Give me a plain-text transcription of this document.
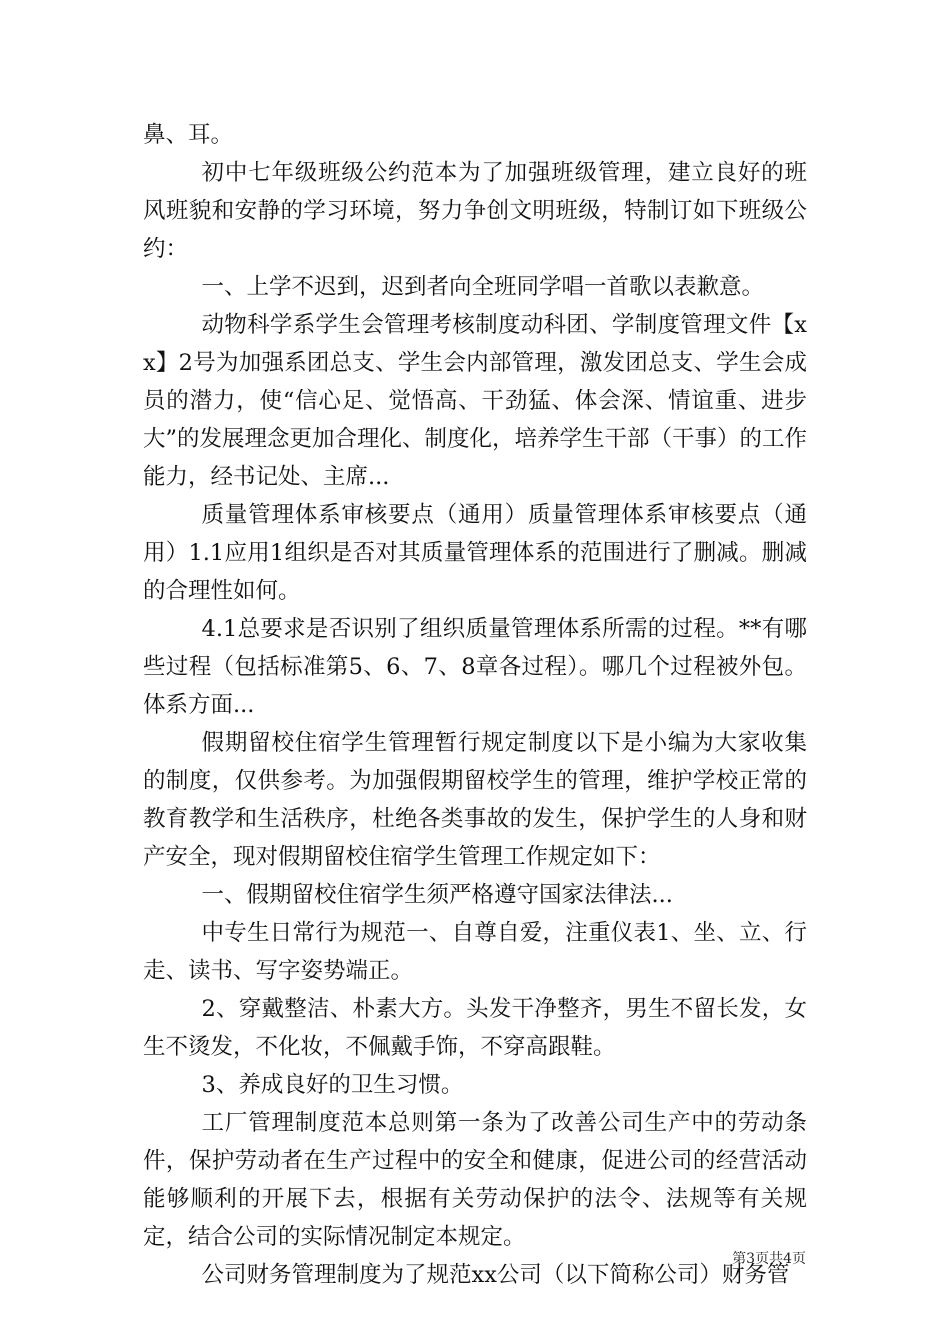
鼻、耳。

初中七年级班级公约范本为了加强班级管理，建立良好的班风班貌和安静的学习环境，努力争创文明班级，特制订如下班级公约：

一、上学不迟到，迟到者向全班同学唱一首歌以表歉意。

动物科学系学生会管理考核制度动科团、学制度管理文件【xx】2号为加强系团总支、学生会内部管理，激发团总支、学生会成员的潜力，使“信心足、觉悟高、干劲猛、体会深、情谊重、进步大”的发展理念更加合理化、制度化，培养学生干部（干事）的工作能力，经书记处、主席...

质量管理体系审核要点（通用）质量管理体系审核要点（通用）1.1应用1组织是否对其质量管理体系的范围进行了删减。删减的合理性如何。

4.1总要求是否识别了组织质量管理体系所需的过程。**有哪些过程（包括标准第5、6、7、8章各过程）。哪几个过程被外包。体系方面...

假期留校住宿学生管理暂行规定制度以下是小编为大家收集的制度，仅供参考。为加强假期留校学生的管理，维护学校正常的教育教学和生活秩序，杜绝各类事故的发生，保护学生的人身和财产安全，现对假期留校住宿学生管理工作规定如下：

一、假期留校住宿学生须严格遵守国家法律法...

中专生日常行为规范一、自尊自爱，注重仪表1、坐、立、行走、读书、写字姿势端正。

2、穿戴整洁、朴素大方。头发干净整齐，男生不留长发，女生不烫发，不化妆，不佩戴手饰，不穿高跟鞋。

3、养成良好的卫生习惯。

工厂管理制度范本总则第一条为了改善公司生产中的劳动条件，保护劳动者在生产过程中的安全和健康，促进公司的经营活动能够顺利的开展下去，根据有关劳动保护的法令、法规等有关规定，结合公司的实际情况制定本规定。

公司财务管理制度为了规范xx公司（以下简称公司）财务管

第3页共4页
